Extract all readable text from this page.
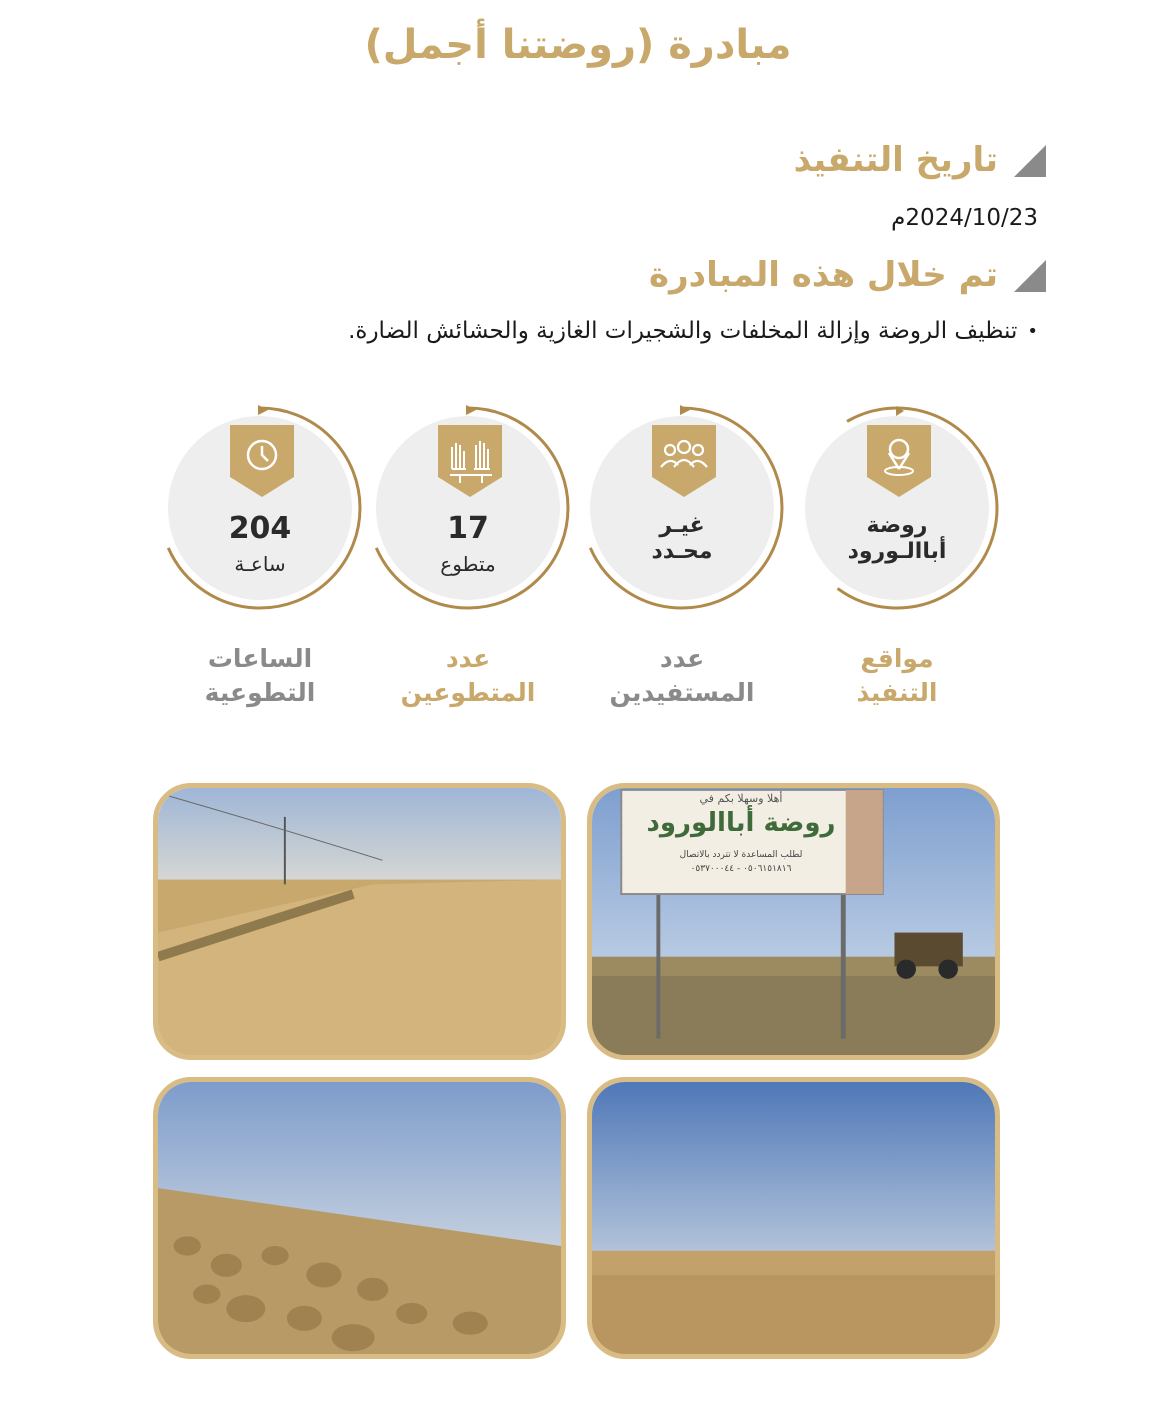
مبادرة (روضتنا أجمل)
تاريخ التنفيذ
2024/10/23م
تم خلال هذه المبادرة
•
تنظيف الروضة وإزالة المخلفات والشجيرات الغازية والحشائش الضارة.
روضة
أباالـورود
غيـر
محـدد
17
متطوع
204
ساعـة
مواقع
التنفيذ
عدد
المستفيدين
عدد
المتطوعين
الساعات
التطوعية
أهلا وسهلا بكم في
روضة أباالورود
لطلب المساعدة لا تتردد بالاتصال
٠٥٠٦١٥١٨١٦ - ٠٥٣٧٠٠٠٤٤
